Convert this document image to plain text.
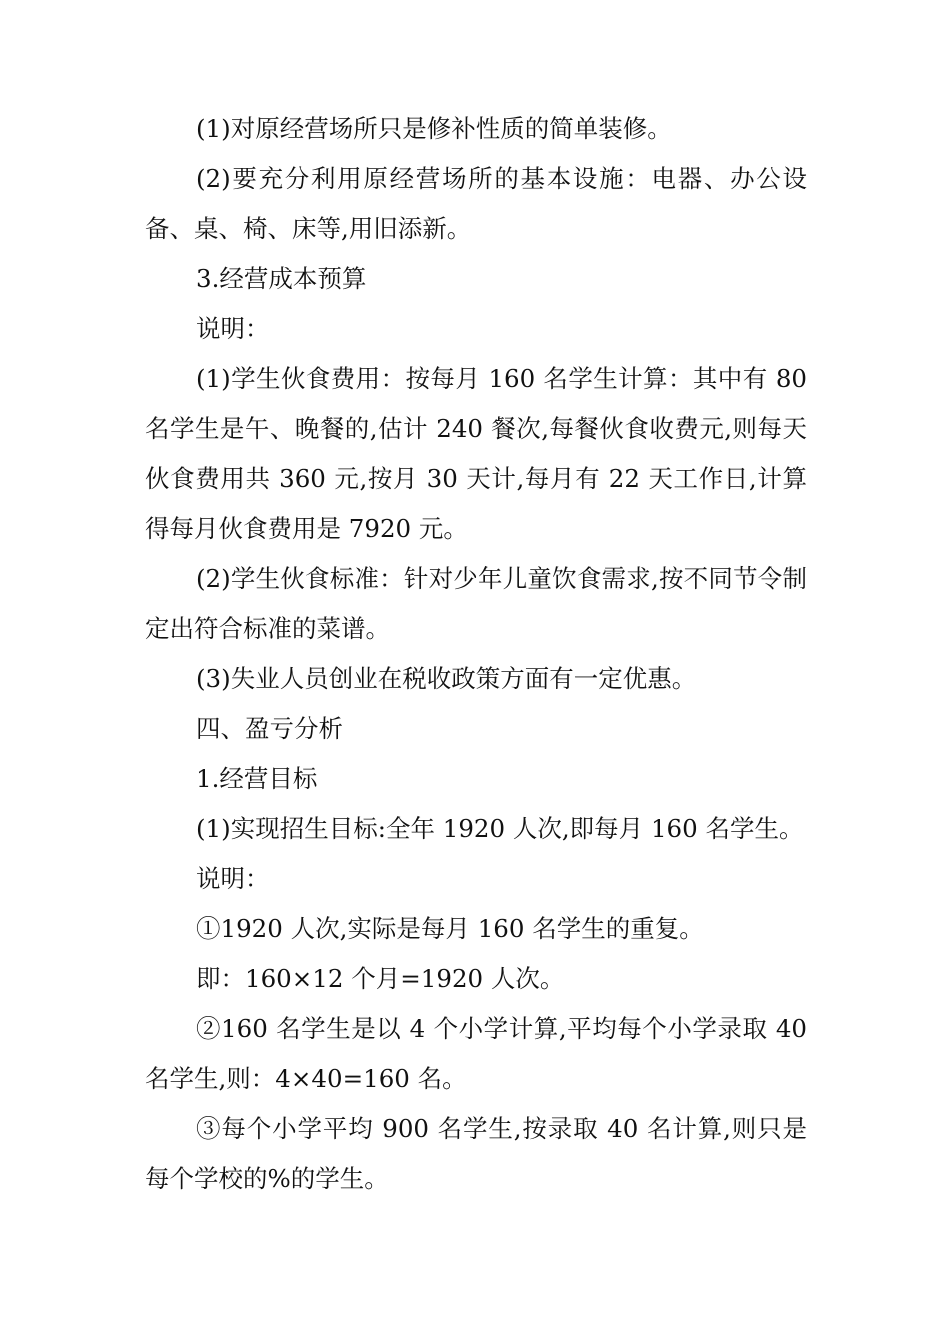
(1)对原经营场所只是修补性质的简单装修。

(2)要充分利用原经营场所的基本设施：电器、办公设备、桌、椅、床等,用旧添新。

3.经营成本预算

说明：

(1)学生伙食费用：按每月 160 名学生计算：其中有 80 名学生是午、晚餐的,估计 240 餐次,每餐伙食收费元,则每天伙食费用共 360 元,按月 30 天计,每月有 22 天工作日,计算得每月伙食费用是 7920 元。

(2)学生伙食标准：针对少年儿童饮食需求,按不同节令制定出符合标准的菜谱。

(3)失业人员创业在税收政策方面有一定优惠。

四、盈亏分析

1.经营目标

(1)实现招生目标:全年 1920 人次,即每月 160 名学生。

说明：

①1920 人次,实际是每月 160 名学生的重复。

即：160×12 个月=1920 人次。

②160 名学生是以 4 个小学计算,平均每个小学录取 40 名学生,则：4×40=160 名。

③每个小学平均 900 名学生,按录取 40 名计算,则只是每个学校的%的学生。
